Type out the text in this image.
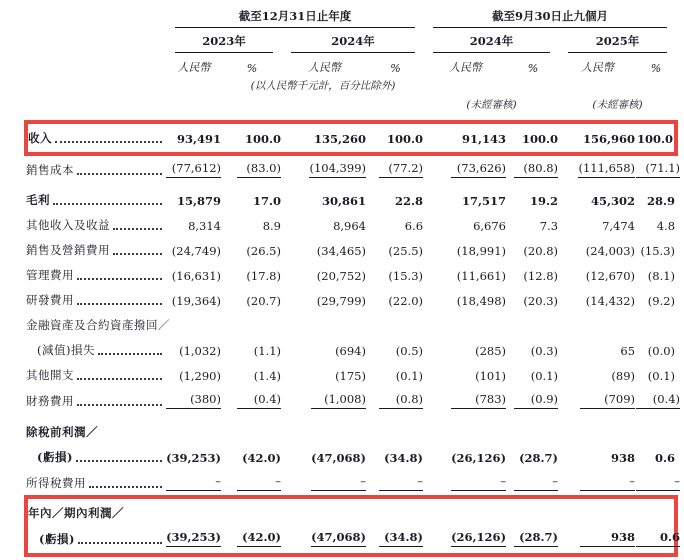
	截至12月31日止年度				截至9月30日止九個月			

	2023年		2024年		2024年		2025年	

	人民幣	%	人民幣	%	人民幣	%	人民幣	%
		(以人民幣千元計，百分比除外)						
					(未經審核)		(未經審核)	

收入	93,491	100.0	135,260	100.0	91,143	100.0	156,960	100.0

銷售成本	(77,612)	(83.0)	(104,399)	(77.2)	(73,626)	(80.8)	(111,658)	(71.1)

毛利	15,879	17.0	30,861	22.8	17,517	19.2	45,302	28.9

其他收入及收益	8,314	8.9	8,964	6.6	6,676	7.3	7,474	4.8

銷售及營銷費用	(24,749)	(26.5)	(34,465)	(25.5)	(18,991)	(20.8)	(24,003)	(15.3)

管理費用	(16,631)	(17.8)	(20,752)	(15.3)	(11,661)	(12.8)	(12,670)	(8.1)

研發費用	(19,364)	(20.7)	(29,799)	(22.0)	(18,498)	(20.3)	(14,432)	(9.2)

金融資產及合約資產撥回／								

(減值)損失	(1,032)	(1.1)	(694)	(0.5)	(285)	(0.3)	65	(0.0)

其他開支	(1,290)	(1.4)	(175)	(0.1)	(101)	(0.1)	(89)	(0.1)

財務費用	(380)	(0.4)	(1,008)	(0.8)	(783)	(0.9)	(709)	(0.4)

除稅前利潤／								

(虧損)	(39,253)	(42.0)	(47,068)	(34.8)	(26,126)	(28.7)	938	0.6

所得稅費用	–	–	–	–	–	–	–	–

年內／期內利潤／								

(虧損)	(39,253)	(42.0)	(47,068)	(34.8)	(26,126)	(28.7)	938	0.6
